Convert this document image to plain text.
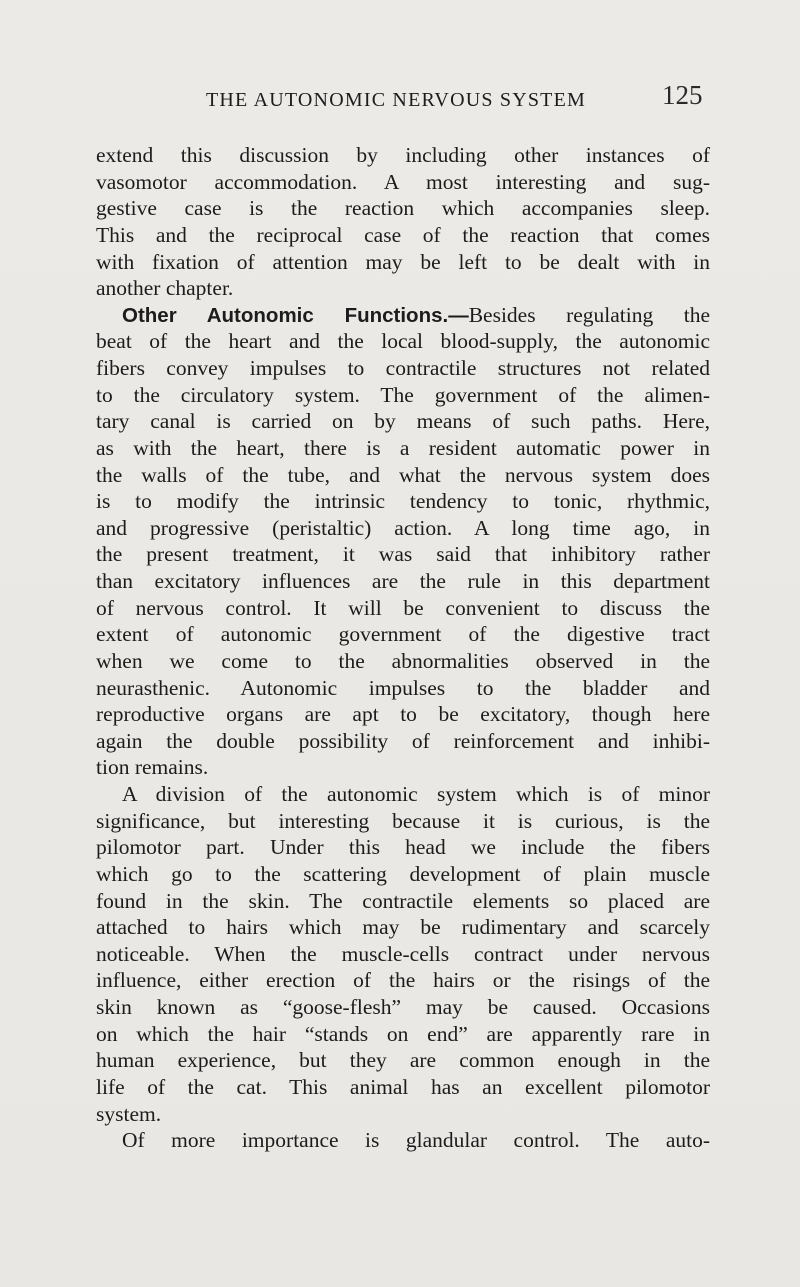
THE AUTONOMIC NERVOUS SYSTEM	125
extend this discussion by including other instances of
vasomotor accommodation. A most interesting and sug-
gestive case is the reaction which accompanies sleep.
This and the reciprocal case of the reaction that comes
with fixation of attention may be left to be dealt with in
another chapter.
Other Autonomic Functions.—Besides regulating the
beat of the heart and the local blood-supply, the autonomic
fibers convey impulses to contractile structures not related
to the circulatory system. The government of the alimen-
tary canal is carried on by means of such paths. Here,
as with the heart, there is a resident automatic power in
the walls of the tube, and what the nervous system does
is to modify the intrinsic tendency to tonic, rhythmic,
and progressive (peristaltic) action. A long time ago, in
the present treatment, it was said that inhibitory rather
than excitatory influences are the rule in this department
of nervous control. It will be convenient to discuss the
extent of autonomic government of the digestive tract
when we come to the abnormalities observed in the
neurasthenic. Autonomic impulses to the bladder and
reproductive organs are apt to be excitatory, though here
again the double possibility of reinforcement and inhibi-
tion remains.
A division of the autonomic system which is of minor
significance, but interesting because it is curious, is the
pilomotor part. Under this head we include the fibers
which go to the scattering development of plain muscle
found in the skin. The contractile elements so placed are
attached to hairs which may be rudimentary and scarcely
noticeable. When the muscle-cells contract under nervous
influence, either erection of the hairs or the risings of the
skin known as “goose-flesh” may be caused. Occasions
on which the hair “stands on end” are apparently rare in
human experience, but they are common enough in the
life of the cat. This animal has an excellent pilomotor
system.
Of more importance is glandular control. The auto-
